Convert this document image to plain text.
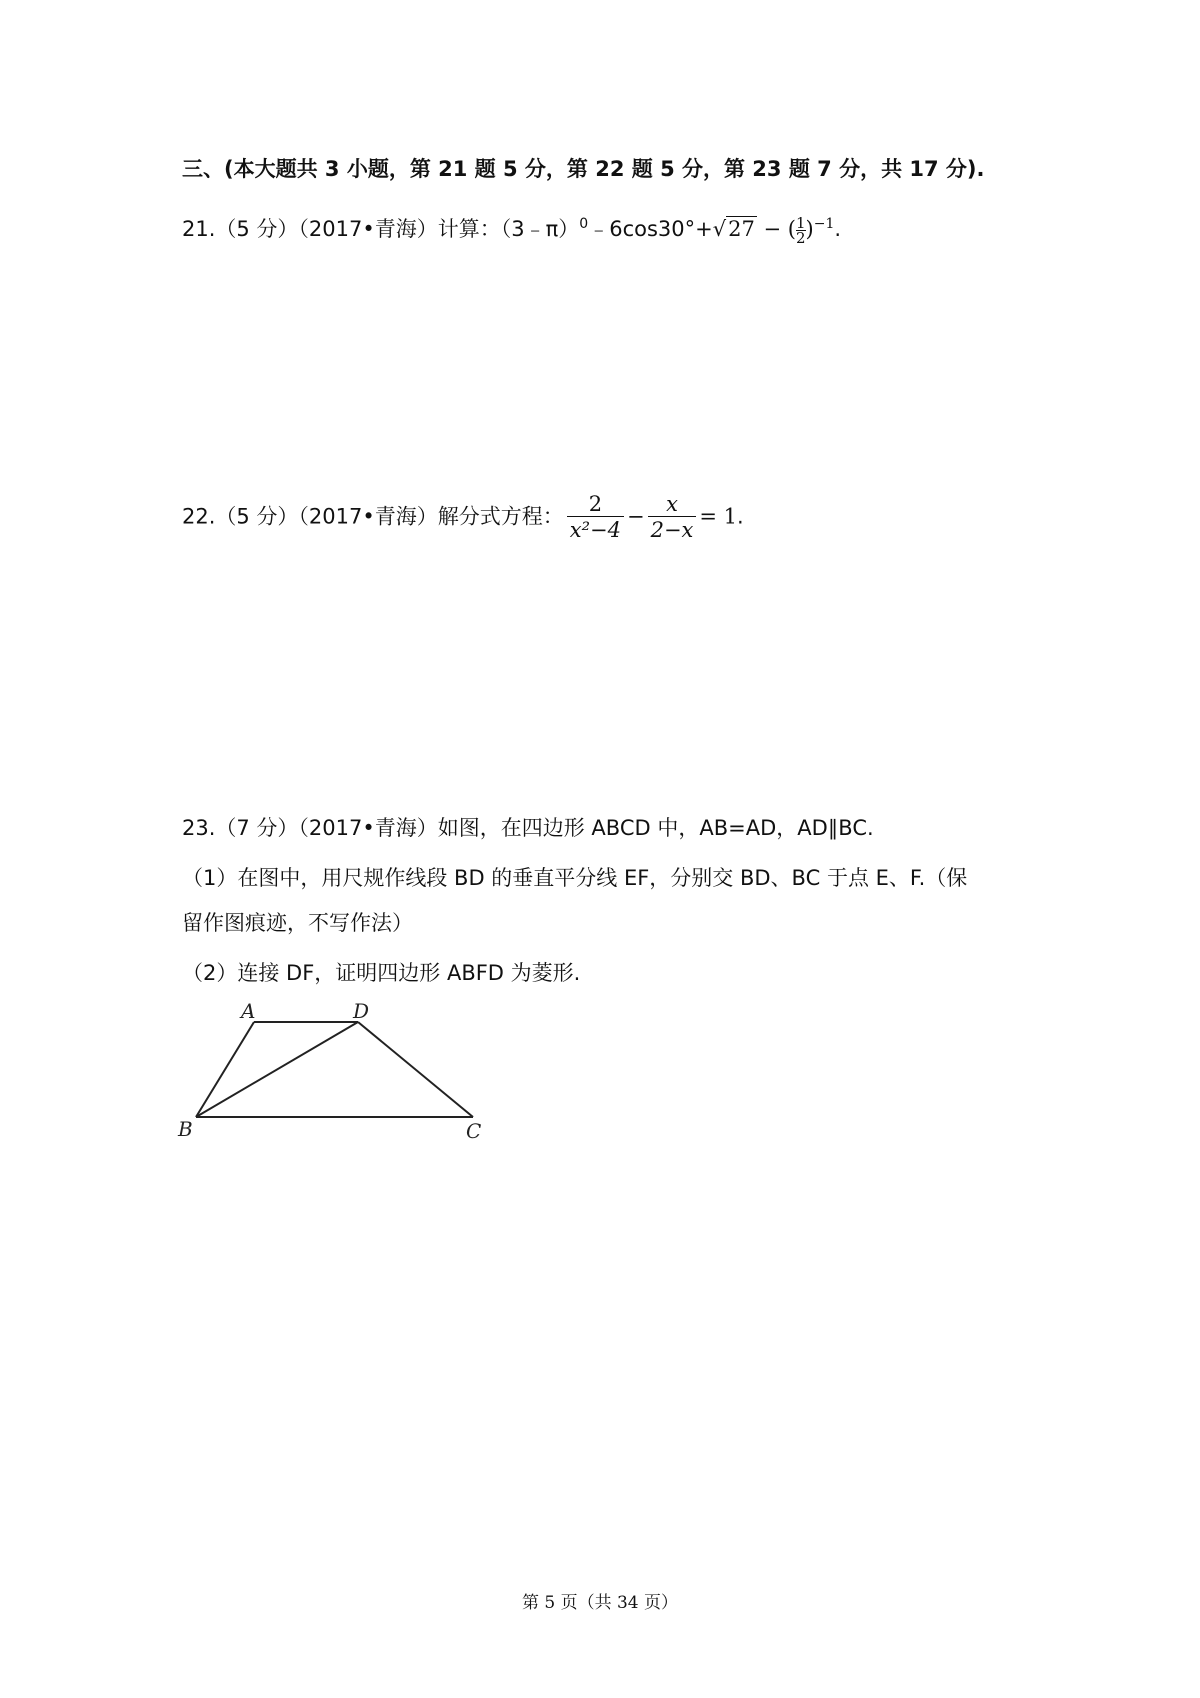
三、(本大题共 3 小题，第 21 题 5 分，第 22 题 5 分，第 23 题 7 分，共 17 分).
21.（5 分）（2017•青海）计算：（3﹣π）$^0$﹣6cos30°+√27 − ( $\frac{1}{2} )^{-1}$.
22.（5 分）（2017•青海）解分式方程： $\frac{2}{\text{x²−4}} - \frac{x}{2-x} = 1$.
23.（7 分）（2017•青海）如图，在四边形 ABCD 中，AB=AD，AD∥BC.
（1）在图中，用尺规作线段 BD 的垂直平分线 EF，分别交 BD、BC 于点 E、F.（保
留作图痕迹，不写作法）
（2）连接 DF，证明四边形 ABFD 为菱形.
A	D
B	C
第 5 页（共 34 页）
